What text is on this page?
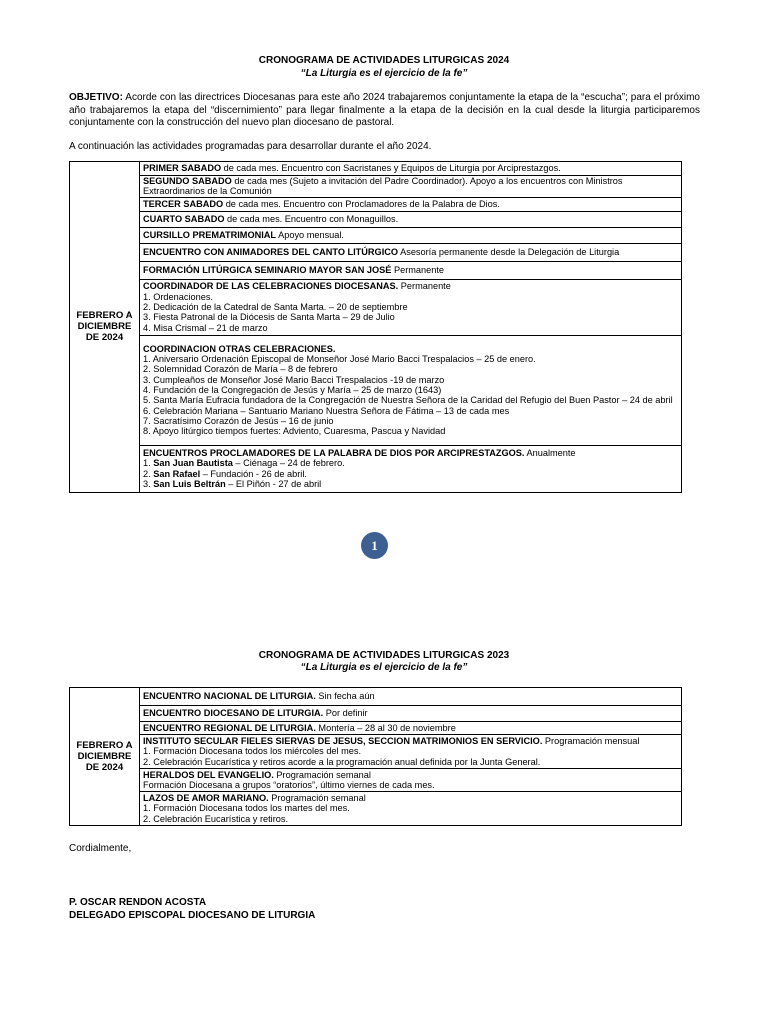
CRONOGRAMA DE ACTIVIDADES LITURGICAS 2024
“La Liturgia es el ejercicio de la fe”
OBJETIVO: Acorde con las directrices Diocesanas para este año 2024 trabajaremos conjuntamente la etapa de la “escucha”; para el próximo año trabajaremos la etapa del “discernimiento” para llegar finalmente a la etapa de la decisión en la cual desde la liturgia participaremos conjuntamente con la construcción del nuevo plan diocesano de pastoral.
A continuación las actividades programadas para desarrollar durante el año 2024.
FEBRERO A DICIEMBRE DE 2024	
PRIMER SABADO de cada mes. Encuentro con Sacristanes y Equipos de Liturgia por Arciprestazgos.

SEGUNDO SABADO de cada mes (Sujeto a invitación del Padre Coordinador). Apoyo a los encuentros con Ministros Extraordinarios de la Comunión

TERCER SABADO de cada mes. Encuentro con Proclamadores de la Palabra de Dios.

CUARTO SABADO de cada mes. Encuentro con Monaguillos.

CURSILLO PREMATRIMONIAL Apoyo mensual.

ENCUENTRO CON ANIMADORES DEL CANTO LITÚRGICO Asesoría permanente desde la Delegación de Liturgia

FORMACIÓN LITÚRGICA SEMINARIO MAYOR SAN JOSÉ Permanente

COORDINADOR DE LAS CELEBRACIONES DIOCESANAS. Permanente
1. Ordenaciones.
2. Dedicación de la Catedral de Santa Marta. – 20 de septiembre
3. Fiesta Patronal de la Diócesis de Santa Marta – 29 de Julio
4. Misa Crismal – 21 de marzo

COORDINACION OTRAS CELEBRACIONES.
1. Aniversario Ordenación Episcopal de Monseñor José Mario Bacci Trespalacios – 25 de enero.
2. Solemnidad Corazón de María – 8 de febrero
3. Cumpleaños de Monseñor José Mario Bacci Trespalacios -19 de marzo
4. Fundación de la Congregación de Jesús y María – 25 de marzo (1643)
5. Santa María Eufracia fundadora de la Congregación de Nuestra Señora de la Caridad del Refugio del Buen Pastor – 24 de abril
6. Celebración Mariana – Santuario Mariano Nuestra Señora de Fátima – 13 de cada mes
7. Sacratísimo Corazón de Jesús – 16 de junio
8. Apoyo litúrgico tiempos fuertes: Adviento, Cuaresma, Pascua y Navidad

ENCUENTROS PROCLAMADORES DE LA PALABRA DE DIOS POR ARCIPRESTAZGOS. Anualmente
1. San Juan Bautista – Ciénaga – 24 de febrero.
2. San Rafael – Fundación - 26 de abril.
3. San Luis Beltrán – El Piñón - 27 de abril
1
CRONOGRAMA DE ACTIVIDADES LITURGICAS 2023
“La Liturgia es el ejercicio de la fe”
FEBRERO A DICIEMBRE DE 2024	
ENCUENTRO NACIONAL DE LITURGIA. Sin fecha aún

ENCUENTRO DIOCESANO DE LITURGIA. Por definir

ENCUENTRO REGIONAL DE LITURGIA. Montería – 28 al 30 de noviembre

INSTITUTO SECULAR FIELES SIERVAS DE JESUS, SECCION MATRIMONIOS EN SERVICIO. Programación mensual
1. Formación Diocesana todos los miércoles del mes.
2. Celebración Eucarística y retiros acorde a la programación anual definida por la Junta General.

HERALDOS DEL EVANGELIO. Programación semanal
Formación Diocesana a grupos “oratorios”, último viernes de cada mes.

LAZOS DE AMOR MARIANO. Programación semanal
1. Formación Diocesana todos los martes del mes.
2. Celebración Eucarística y retiros.
Cordialmente,
P. OSCAR RENDON ACOSTA
DELEGADO EPISCOPAL DIOCESANO DE LITURGIA
